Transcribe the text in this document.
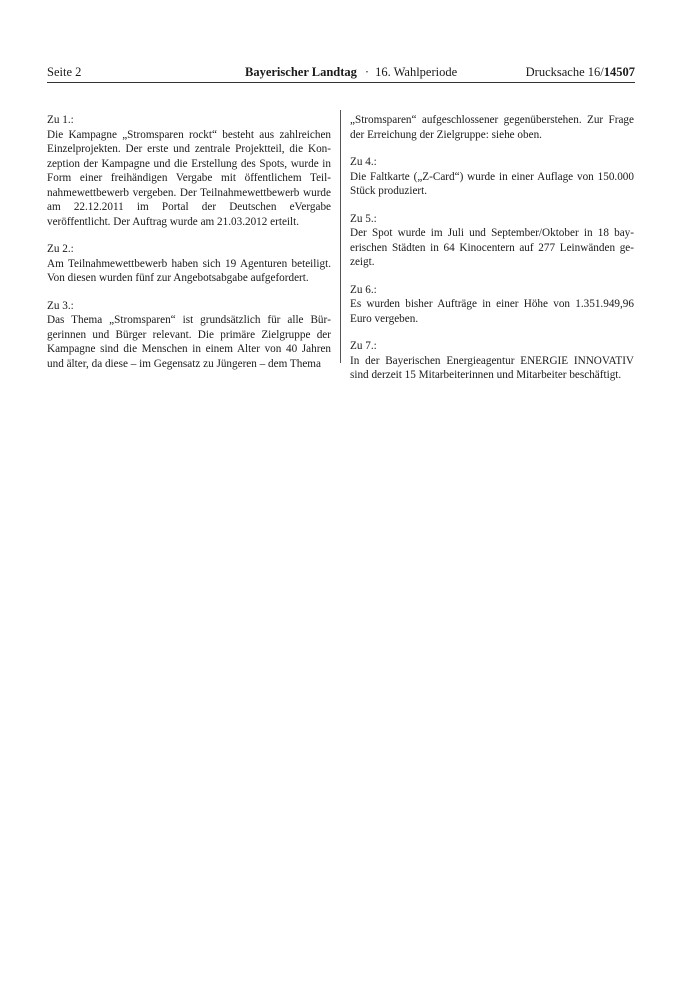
Seite 2	Bayerischer Landtag · 16. Wahlperiode	Drucksache 16/14507
Zu 1.:
Die Kampagne „Stromsparen rockt“ besteht aus zahlreichen Einzelprojekten. Der erste und zentrale Projektteil, die Konzeption der Kampagne und die Erstellung des Spots, wurde in Form einer freihändigen Vergabe mit öffentlichem Teilnahmewettbewerb vergeben. Der Teilnahmewettbewerb wurde am 22.12.2011 im Portal der Deutschen eVergabe veröffentlicht. Der Auftrag wurde am 21.03.2012 erteilt.
Zu 2.:
Am Teilnahmewettbewerb haben sich 19 Agenturen beteiligt. Von diesen wurden fünf zur Angebotsabgabe aufgefordert.
Zu 3.:
Das Thema „Stromsparen“ ist grundsätzlich für alle Bürgerinnen und Bürger relevant. Die primäre Zielgruppe der Kampagne sind die Menschen in einem Alter von 40 Jahren und älter, da diese – im Gegensatz zu Jüngeren – dem Thema
„Stromsparen“ aufgeschlossener gegenüberstehen. Zur Frage der Erreichung der Zielgruppe: siehe oben.
Zu 4.:
Die Faltkarte („Z-Card“) wurde in einer Auflage von 150.000 Stück produziert.
Zu 5.:
Der Spot wurde im Juli und September/Oktober in 18 bayerischen Städten in 64 Kinocentern auf 277 Leinwänden gezeigt.
Zu 6.:
Es wurden bisher Aufträge in einer Höhe von 1.351.949,96 Euro vergeben.
Zu 7.:
In der Bayerischen Energieagentur ENERGIE INNOVATIV sind derzeit 15 Mitarbeiterinnen und Mitarbeiter beschäftigt.
